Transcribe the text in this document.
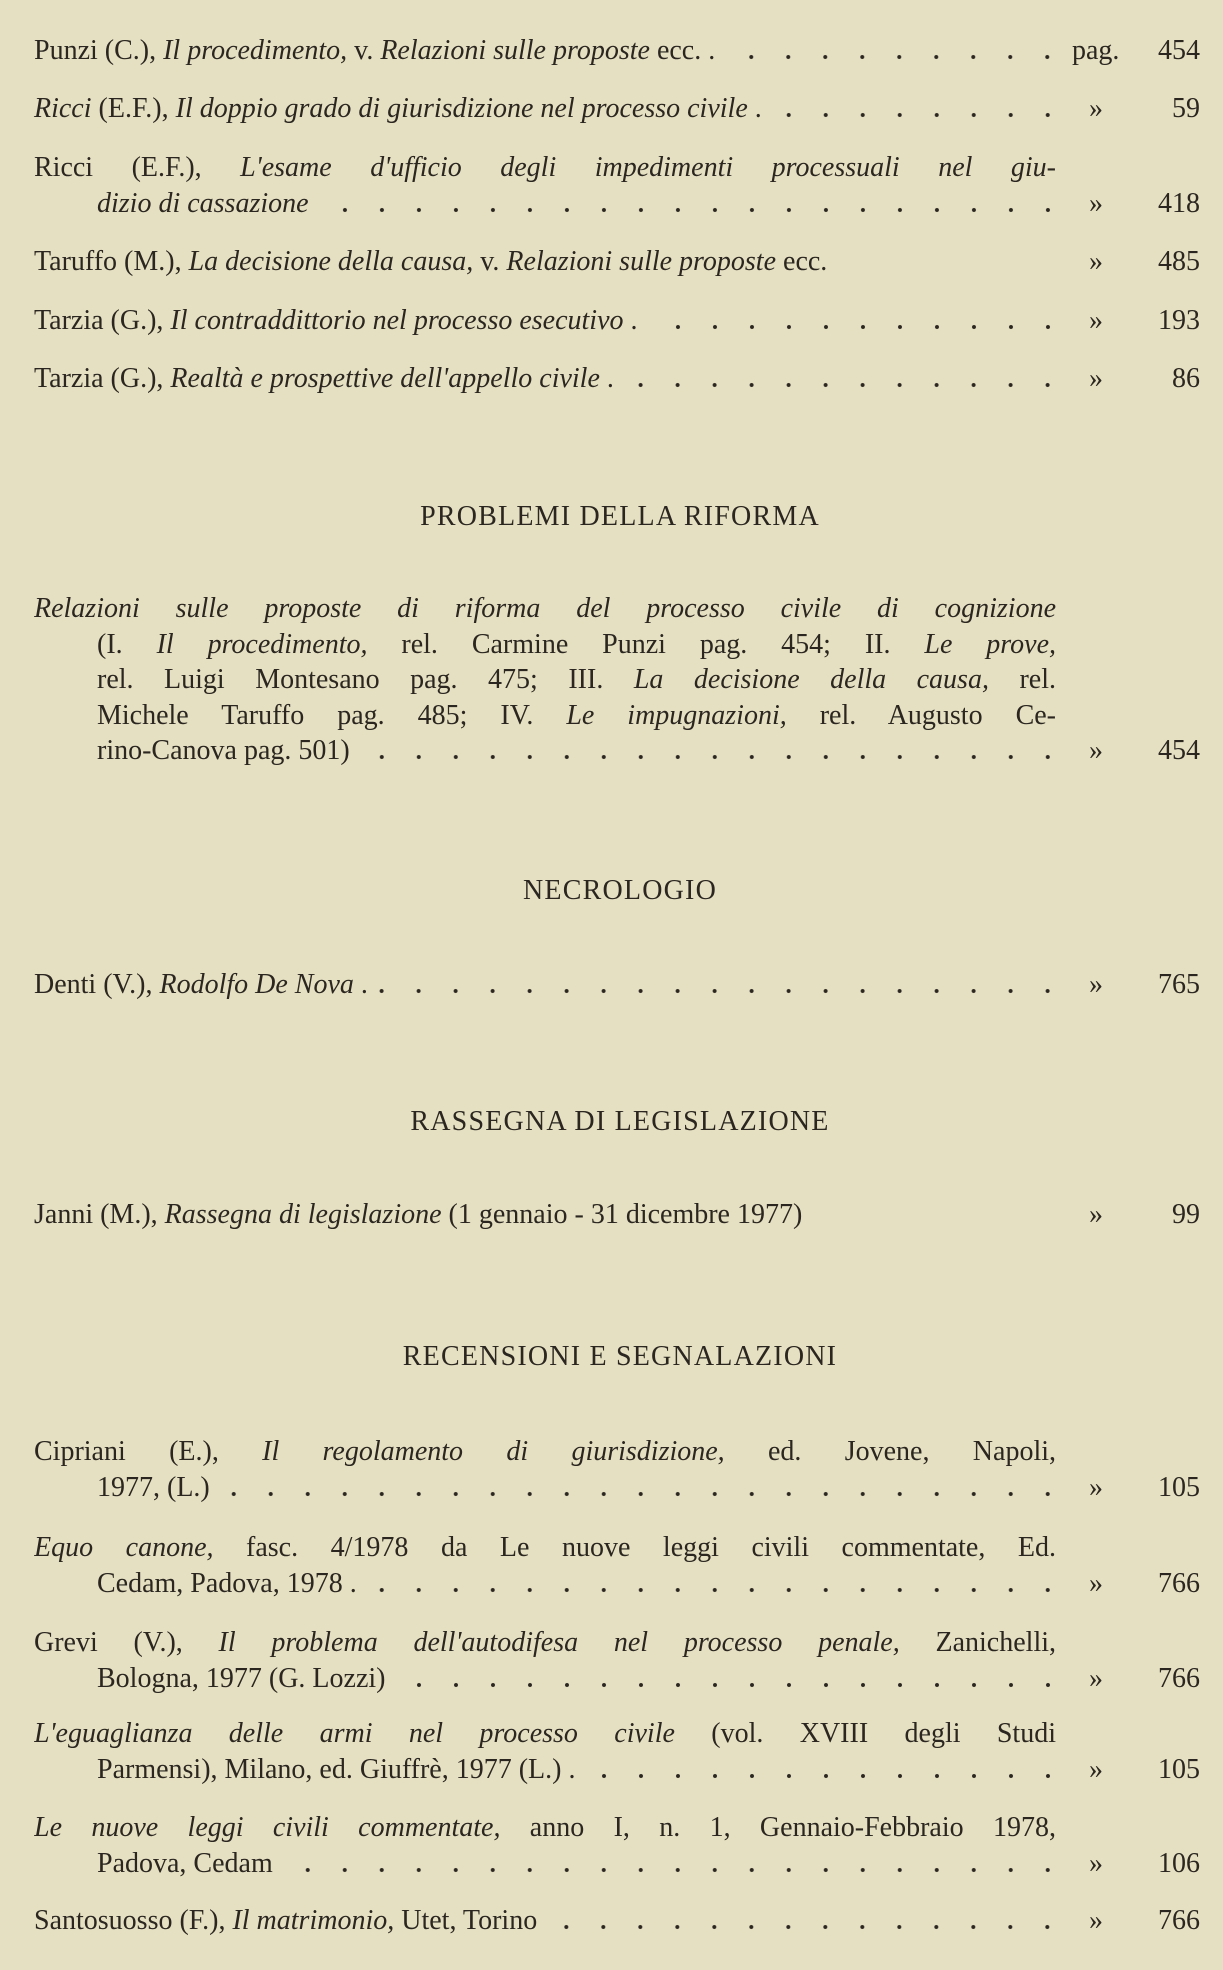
Punzi (C.), Il procedimento, v. Relazioni sulle proposte ecc. .	pag.	454
Ricci (E.F.), Il doppio grado di giurisdizione nel processo civile .	»	59
Ricci (E.F.), L'esame d'ufficio degli impedimenti processuali nel giu-
dizio di cassazione	»	418
Taruffo (M.), La decisione della causa, v. Relazioni sulle proposte ecc.	»	485
Tarzia (G.), Il contraddittorio nel processo esecutivo .	»	193
Tarzia (G.), Realtà e prospettive dell'appello civile .	»	86
PROBLEMI DELLA RIFORMA
Relazioni sulle proposte di riforma del processo civile di cognizione
(I. Il procedimento, rel. Carmine Punzi pag. 454; II. Le prove,
rel. Luigi Montesano pag. 475; III. La decisione della causa, rel.
Michele Taruffo pag. 485; IV. Le impugnazioni, rel. Augusto Ce-
rino-Canova pag. 501)	»	454
NECROLOGIO
Denti (V.), Rodolfo De Nova .	»	765
RASSEGNA DI LEGISLAZIONE
Janni (M.), Rassegna di legislazione (1 gennaio - 31 dicembre 1977)	»	99
RECENSIONI E SEGNALAZIONI
Cipriani (E.), Il regolamento di giurisdizione, ed. Jovene, Napoli,
1977, (L.)	»	105
Equo canone, fasc. 4/1978 da Le nuove leggi civili commentate, Ed.
Cedam, Padova, 1978 .	»	766
Grevi (V.), Il problema dell'autodifesa nel processo penale, Zanichelli,
Bologna, 1977 (G. Lozzi)	»	766
L'eguaglianza delle armi nel processo civile (vol. XVIII degli Studi
Parmensi), Milano, ed. Giuffrè, 1977 (L.) .	»	105
Le nuove leggi civili commentate, anno I, n. 1, Gennaio-Febbraio 1978,
Padova, Cedam	»	106
Santosuosso (F.), Il matrimonio, Utet, Torino	»	766
